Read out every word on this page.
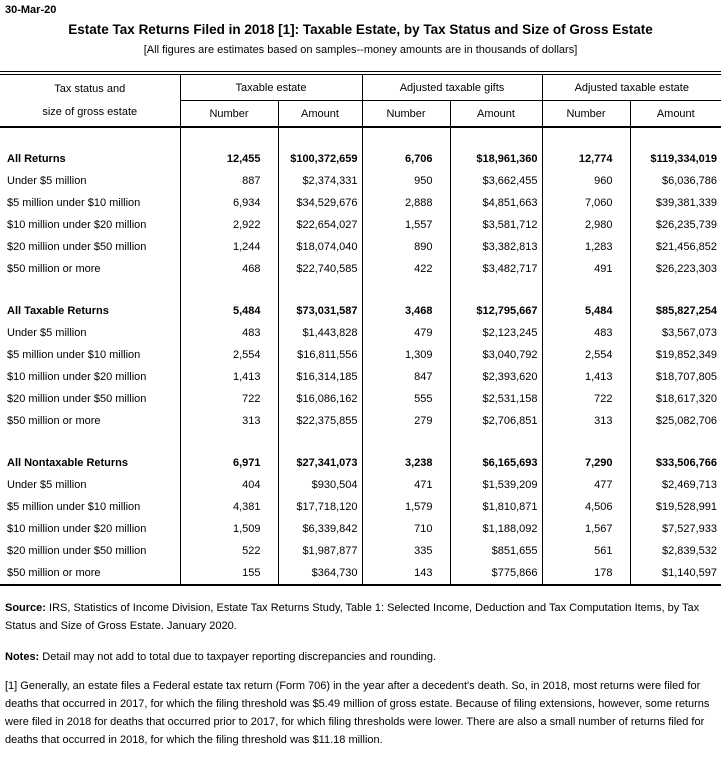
30-Mar-20
Estate Tax Returns Filed in 2018 [1]: Taxable Estate, by Tax Status and Size of Gross Estate
[All figures are estimates based on samples--money amounts are in thousands of dollars]
Tax status and
size of gross estate	Taxable estate		Adjusted taxable gifts		Adjusted taxable estate	
	Number	Amount	Number	Amount	Number	Amount

All Returns	12,455	$100,372,659	6,706	$18,961,360	12,774	$119,334,019
Under $5 million	887	$2,374,331	950	$3,662,455	960	$6,036,786
$5 million under $10 million	6,934	$34,529,676	2,888	$4,851,663	7,060	$39,381,339
$10 million under $20 million	2,922	$22,654,027	1,557	$3,581,712	2,980	$26,235,739
$20 million under $50 million	1,244	$18,074,040	890	$3,382,813	1,283	$21,456,852
$50 million or more	468	$22,740,585	422	$3,482,717	491	$26,223,303

All Taxable Returns	5,484	$73,031,587	3,468	$12,795,667	5,484	$85,827,254
Under $5 million	483	$1,443,828	479	$2,123,245	483	$3,567,073
$5 million under $10 million	2,554	$16,811,556	1,309	$3,040,792	2,554	$19,852,349
$10 million under $20 million	1,413	$16,314,185	847	$2,393,620	1,413	$18,707,805
$20 million under $50 million	722	$16,086,162	555	$2,531,158	722	$18,617,320
$50 million or more	313	$22,375,855	279	$2,706,851	313	$25,082,706

All Nontaxable Returns	6,971	$27,341,073	3,238	$6,165,693	7,290	$33,506,766
Under $5 million	404	$930,504	471	$1,539,209	477	$2,469,713
$5 million under $10 million	4,381	$17,718,120	1,579	$1,810,871	4,506	$19,528,991
$10 million under $20 million	1,509	$6,339,842	710	$1,188,092	1,567	$7,527,933
$20 million under $50 million	522	$1,987,877	335	$851,655	561	$2,839,532
$50 million or more	155	$364,730	143	$775,866	178	$1,140,597

Source: IRS, Statistics of Income Division, Estate Tax Returns Study, Table 1: Selected Income, Deduction and Tax Computation Items, by Tax Status and Size of Gross Estate. January 2020.

Notes: Detail may not add to total due to taxpayer reporting discrepancies and rounding.

[1] Generally, an estate files a Federal estate tax return (Form 706) in the year after a decedent's death. So, in 2018, most returns were filed for deaths that occurred in 2017, for which the filing threshold was $5.49 million of gross estate. Because of filing extensions, however, some returns were filed in 2018 for deaths that occurred prior to 2017, for which filing thresholds were lower. There are also a small number of returns filed for deaths that occurred in 2018, for which the filing threshold was $11.18 million.
